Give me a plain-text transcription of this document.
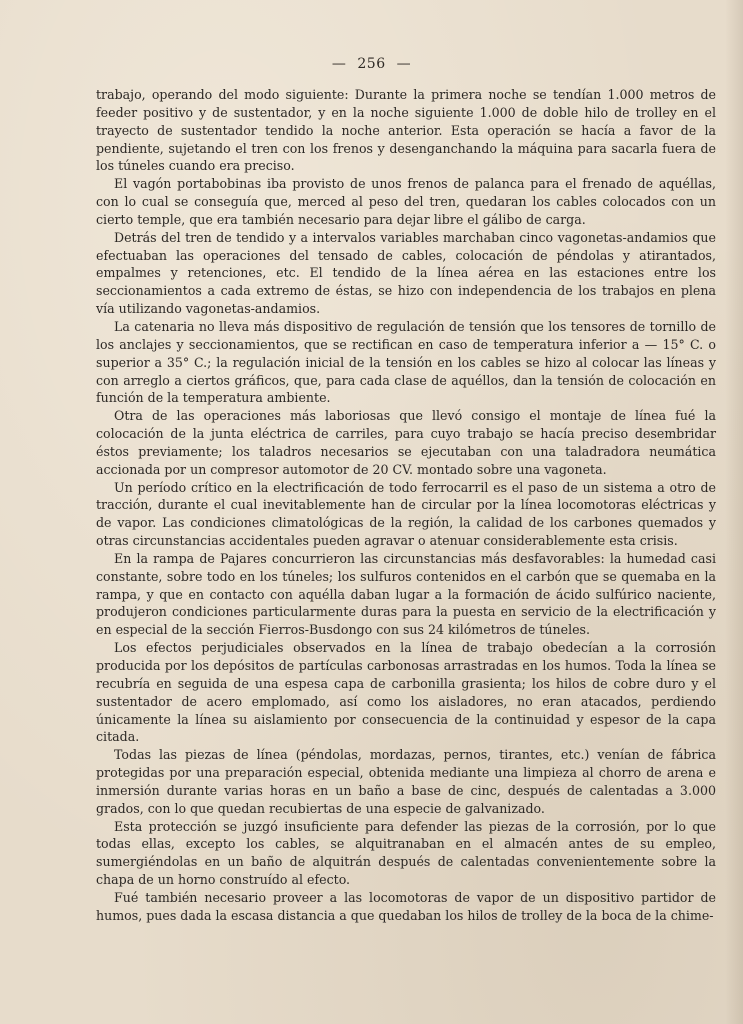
— 256 —

trabajo, operando del modo siguiente: Durante la primera noche se tendían 1.000 metros de feeder positivo y de sustentador, y en la noche siguiente 1.000 de doble hilo de trolley en el trayecto de sustentador tendido la noche anterior. Esta operación se hacía a favor de la pendiente, sujetando el tren con los frenos y desenganchando la máquina para sacarla fuera de los túneles cuando era preciso.

El vagón portabobinas iba provisto de unos frenos de palanca para el frenado de aquéllas, con lo cual se conseguía que, merced al peso del tren, quedaran los cables colocados con un cierto temple, que era también necesario para dejar libre el gálibo de carga.

Detrás del tren de tendido y a intervalos variables marchaban cinco vagonetas-andamios que efectuaban las operaciones del tensado de cables, colocación de péndolas y atirantados, empalmes y retenciones, etc. El tendido de la línea aérea en las estaciones entre los seccionamientos a cada extremo de éstas, se hizo con independencia de los trabajos en plena vía utilizando vagonetas-andamios.

La catenaria no lleva más dispositivo de regulación de tensión que los tensores de tornillo de los anclajes y seccionamientos, que se rectifican en caso de temperatura inferior a — 15° C. o superior a 35° C.; la regulación inicial de la tensión en los cables se hizo al colocar las líneas y con arreglo a ciertos gráficos, que, para cada clase de aquéllos, dan la tensión de colocación en función de la temperatura ambiente.

Otra de las operaciones más laboriosas que llevó consigo el montaje de línea fué la colocación de la junta eléctrica de carriles, para cuyo trabajo se hacía preciso desembridar éstos previamente; los taladros necesarios se ejecutaban con una taladradora neumática accionada por un compresor automotor de 20 CV. montado sobre una vagoneta.

Un período crítico en la electrificación de todo ferrocarril es el paso de un sistema a otro de tracción, durante el cual inevitablemente han de circular por la línea locomotoras eléctricas y de vapor. Las condiciones climatológicas de la región, la calidad de los carbones quemados y otras circunstancias accidentales pueden agravar o atenuar considerablemente esta crisis.

En la rampa de Pajares concurrieron las circunstancias más desfavorables: la humedad casi constante, sobre todo en los túneles; los sulfuros contenidos en el carbón que se quemaba en la rampa, y que en contacto con aquélla daban lugar a la formación de ácido sulfúrico naciente, produjeron condiciones particularmente duras para la puesta en servicio de la electrificación y en especial de la sección Fierros-Busdongo con sus 24 kilómetros de túneles.

Los efectos perjudiciales observados en la línea de trabajo obedecían a la corrosión producida por los depósitos de partículas carbonosas arrastradas en los humos. Toda la línea se recubría en seguida de una espesa capa de carbonilla grasienta; los hilos de cobre duro y el sustentador de acero emplomado, así como los aisladores, no eran atacados, perdiendo únicamente la línea su aislamiento por consecuencia de la continuidad y espesor de la capa citada.

Todas las piezas de línea (péndolas, mordazas, pernos, tirantes, etc.) venían de fábrica protegidas por una preparación especial, obtenida mediante una limpieza al chorro de arena e inmersión durante varias horas en un baño a base de cinc, después de calentadas a 3.000 grados, con lo que quedan recubiertas de una especie de galvanizado.

Esta protección se juzgó insuficiente para defender las piezas de la corrosión, por lo que todas ellas, excepto los cables, se alquitranaban en el almacén antes de su empleo, sumergiéndolas en un baño de alquitrán después de calentadas convenientemente sobre la chapa de un horno construído al efecto.

Fué también necesario proveer a las locomotoras de vapor de un dispositivo partidor de humos, pues dada la escasa distancia a que quedaban los hilos de trolley de la boca de la chime-
